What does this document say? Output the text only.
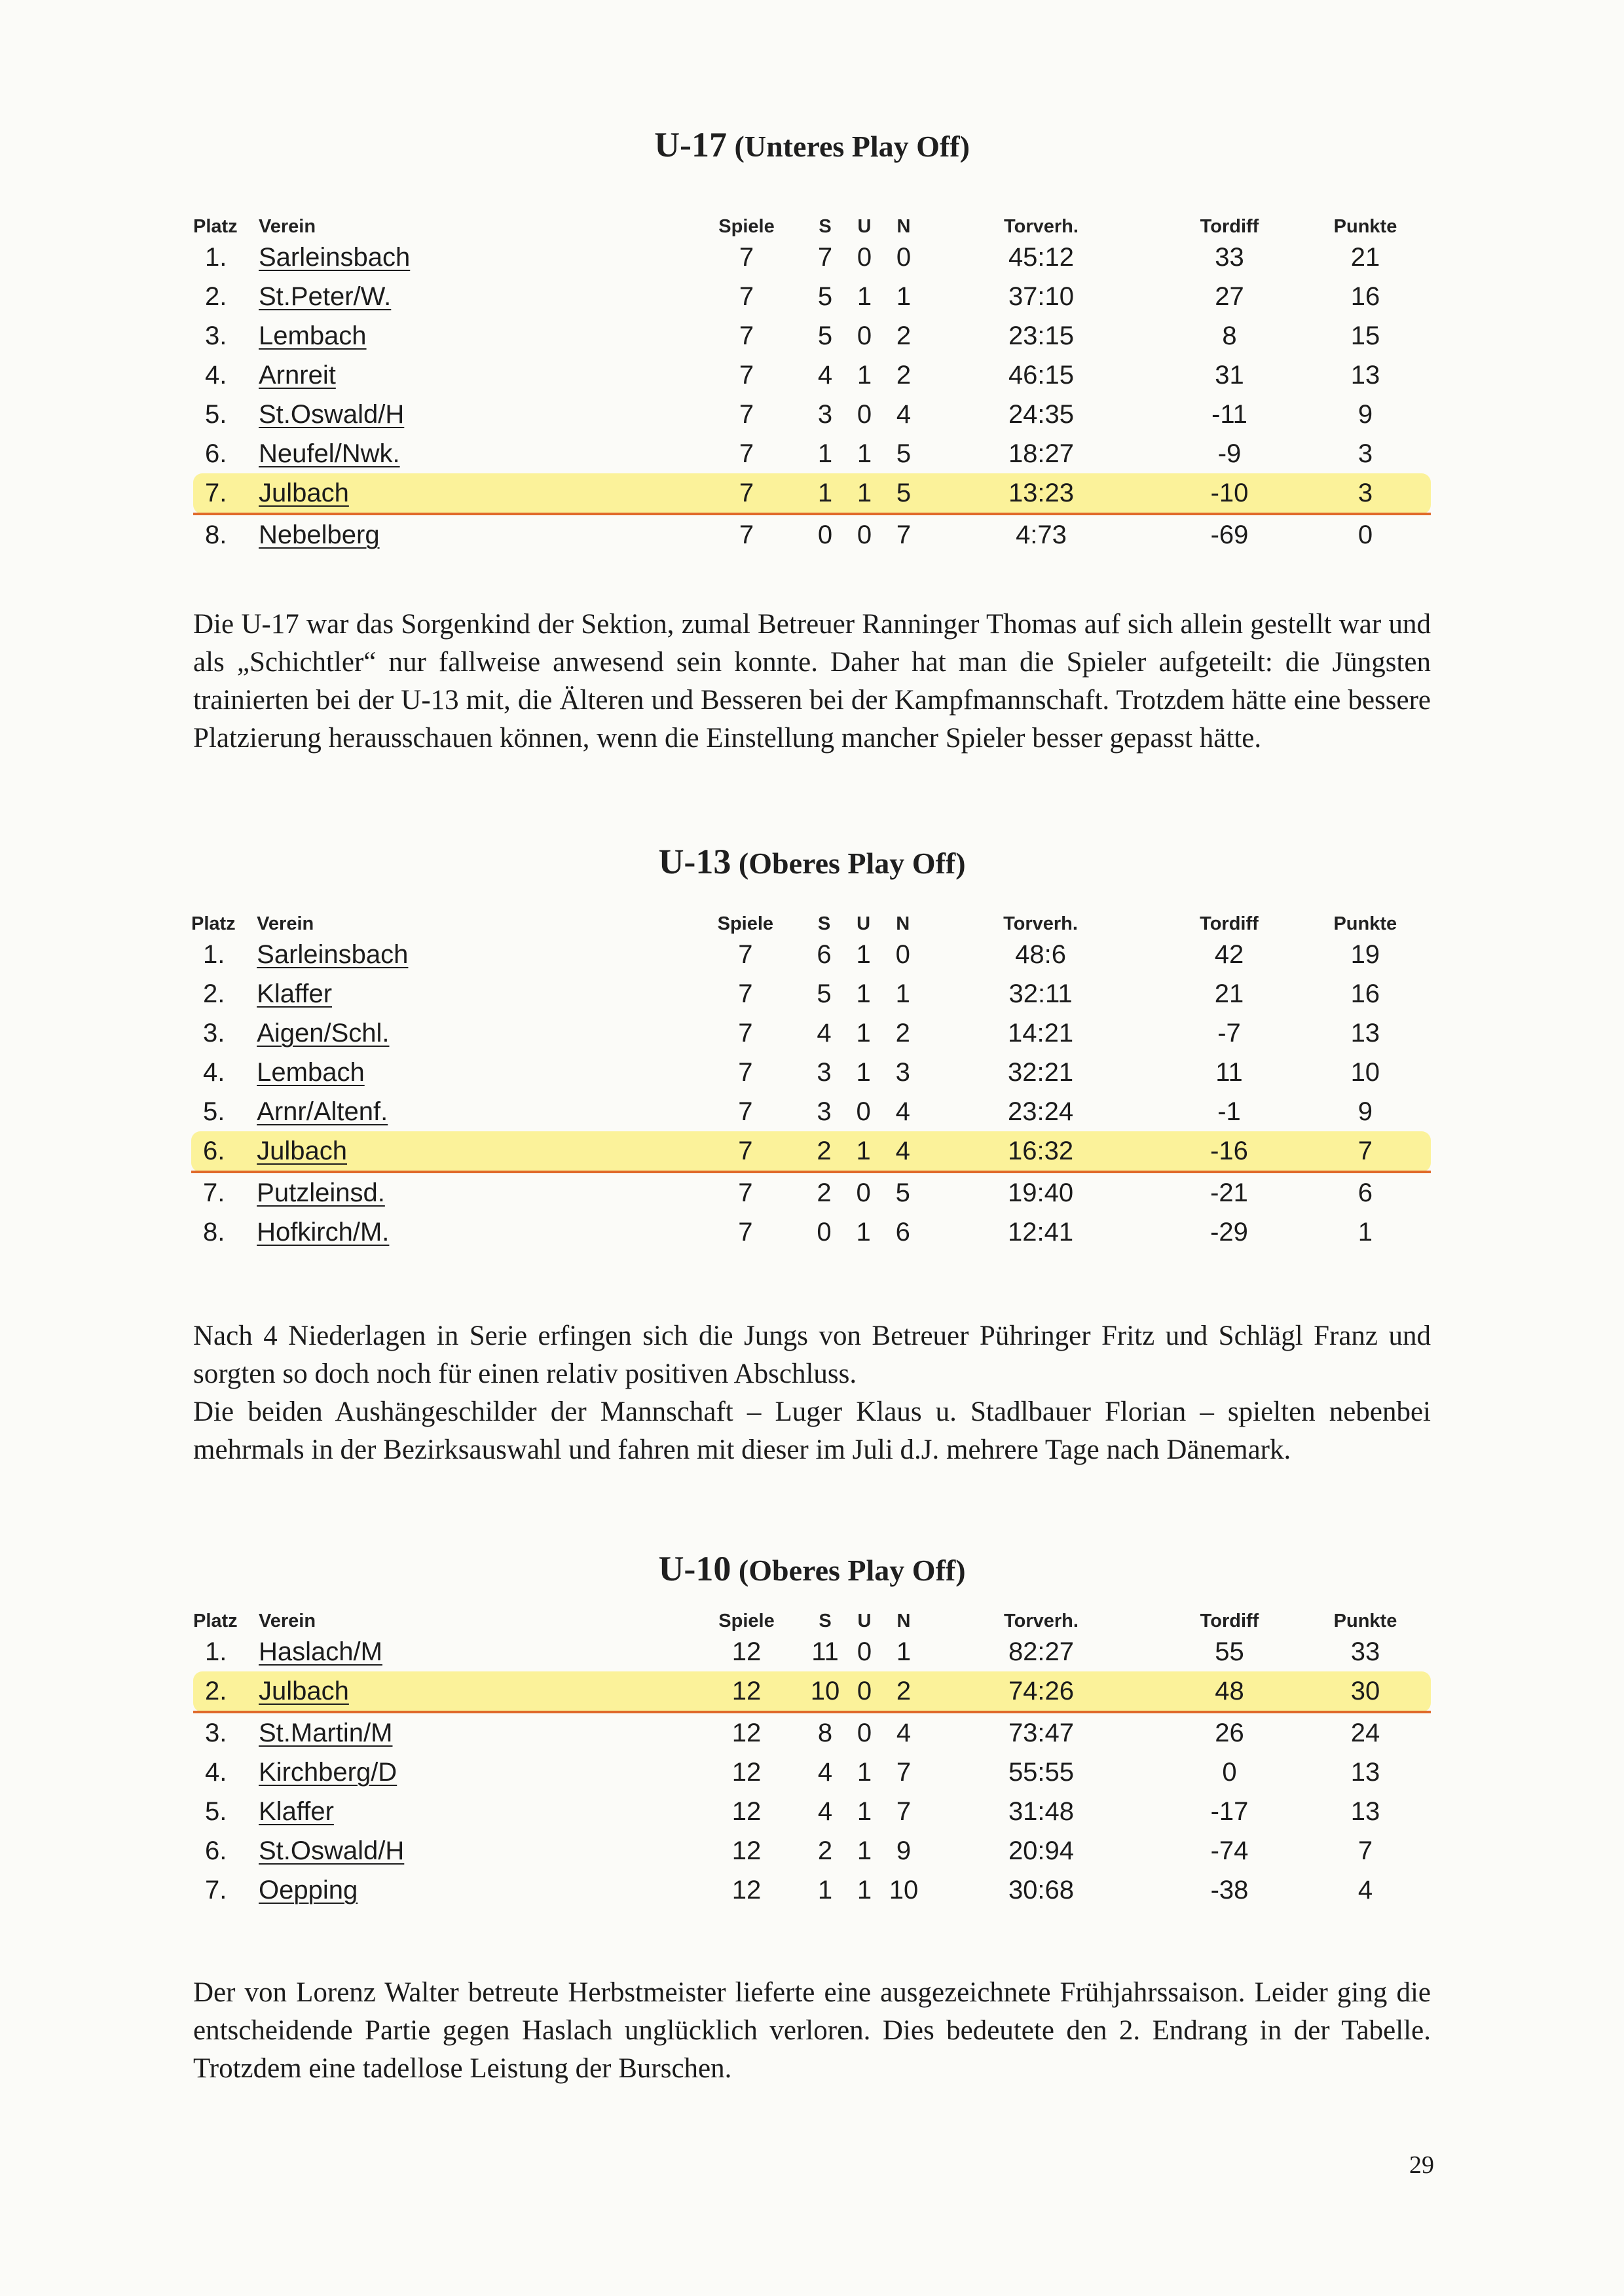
U-17 (Unteres Play Off)
Platz	Verein	Spiele	S	U	N	Torverh.	Tordiff	Punkte
1.	Sarleinsbach	7	7	0	0	45:12	33	21
2.	St.Peter/W.	7	5	1	1	37:10	27	16
3.	Lembach	7	5	0	2	23:15	8	15
4.	Arnreit	7	4	1	2	46:15	31	13
5.	St.Oswald/H	7	3	0	4	24:35	-11	9
6.	Neufel/Nwk.	7	1	1	5	18:27	-9	3
7.	Julbach	7	1	1	5	13:23	-10	3
8.	Nebelberg	7	0	0	7	4:73	-69	0

Die U-17 war das Sorgenkind der Sektion, zumal Betreuer Ranninger Thomas auf sich allein gestellt war und als „Schichtler“ nur fallweise anwesend sein konnte. Daher hat man die Spieler aufgeteilt: die Jüngsten trainierten bei der U-13 mit, die Älteren und Besseren bei der Kampfmannschaft. Trotzdem hätte eine bessere Platzierung herausschauen können, wenn die Einstellung mancher Spieler besser gepasst hätte.

U-13 (Oberes Play Off)
Platz	Verein	Spiele	S	U	N	Torverh.	Tordiff	Punkte
1.	Sarleinsbach	7	6	1	0	48:6	42	19
2.	Klaffer	7	5	1	1	32:11	21	16
3.	Aigen/Schl.	7	4	1	2	14:21	-7	13
4.	Lembach	7	3	1	3	32:21	11	10
5.	Arnr/Altenf.	7	3	0	4	23:24	-1	9
6.	Julbach	7	2	1	4	16:32	-16	7
7.	Putzleinsd.	7	2	0	5	19:40	-21	6
8.	Hofkirch/M.	7	0	1	6	12:41	-29	1

Nach 4 Niederlagen in Serie erfingen sich die Jungs von Betreuer Pühringer Fritz und Schlägl Franz und sorgten so doch noch für einen relativ positiven Abschluss.

Die beiden Aushängeschilder der Mannschaft – Luger Klaus u. Stadlbauer Florian – spielten nebenbei mehrmals in der Bezirksauswahl und fahren mit dieser im Juli d.J. mehrere Tage nach Dänemark.

U-10 (Oberes Play Off)
Platz	Verein	Spiele	S	U	N	Torverh.	Tordiff	Punkte
1.	Haslach/M	12	11	0	1	82:27	55	33
2.	Julbach	12	10	0	2	74:26	48	30
3.	St.Martin/M	12	8	0	4	73:47	26	24
4.	Kirchberg/D	12	4	1	7	55:55	0	13
5.	Klaffer	12	4	1	7	31:48	-17	13
6.	St.Oswald/H	12	2	1	9	20:94	-74	7
7.	Oepping	12	1	1	10	30:68	-38	4

Der von Lorenz Walter betreute Herbstmeister lieferte eine ausgezeichnete Frühjahrssaison. Leider ging die entscheidende Partie gegen Haslach unglücklich verloren. Dies bedeutete den 2. Endrang in der Tabelle. Trotzdem eine tadellose Leistung der Burschen.

29
